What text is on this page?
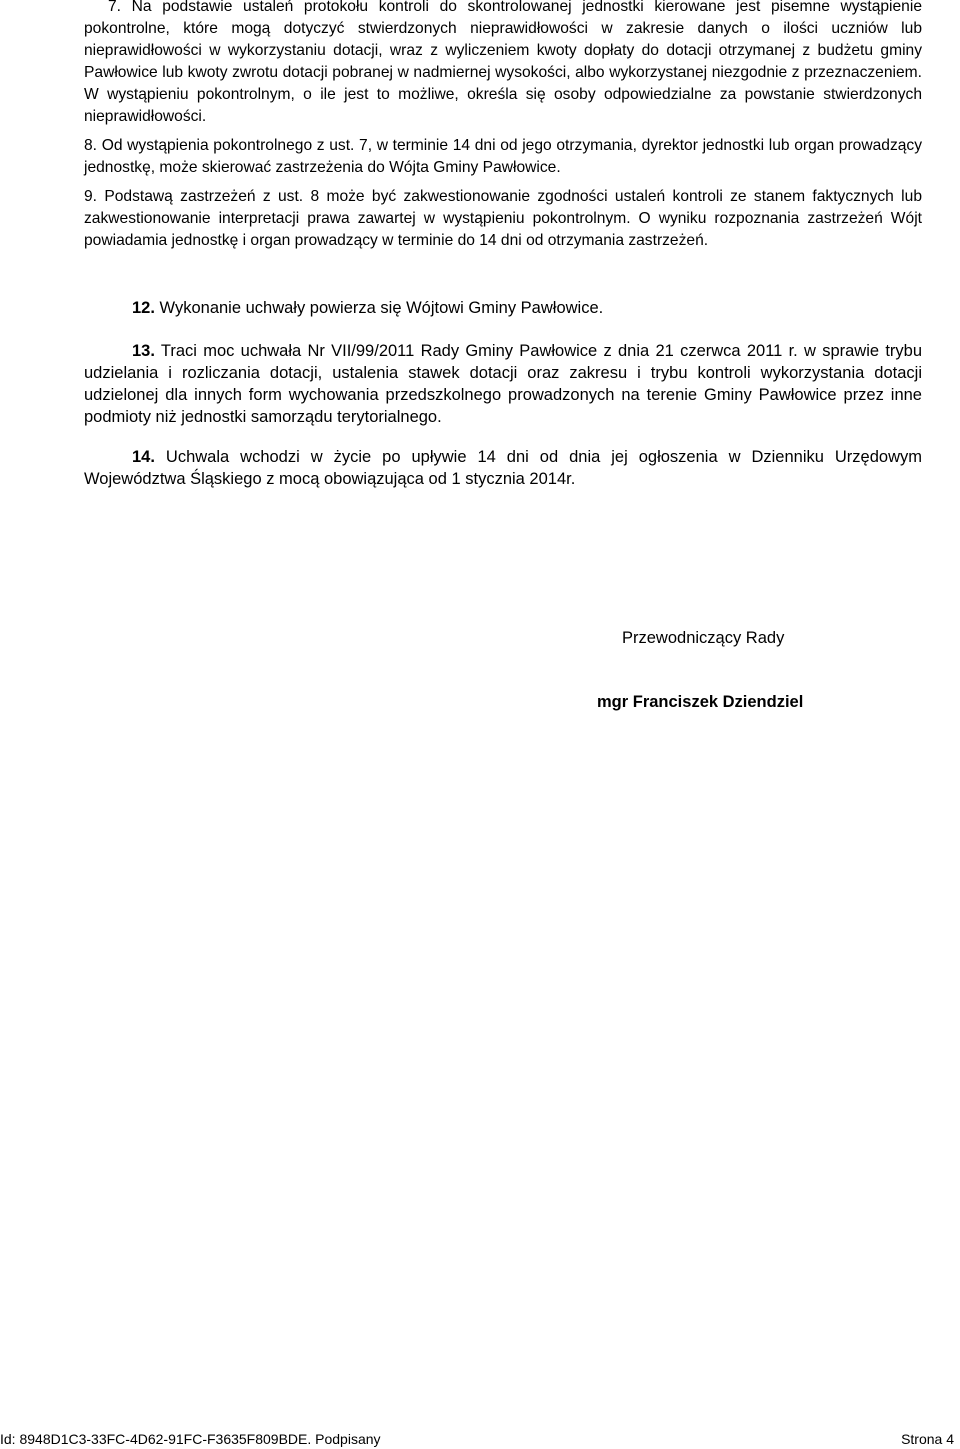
7. Na podstawie ustaleń protokołu kontroli do skontrolowanej jednostki kierowane jest pisemne wystąpienie pokontrolne, które mogą dotyczyć stwierdzonych nieprawidłowości w zakresie danych o ilości uczniów lub nieprawidłowości w wykorzystaniu dotacji, wraz z wyliczeniem kwoty dopłaty do dotacji otrzymanej z budżetu gminy Pawłowice lub kwoty zwrotu dotacji pobranej w nadmiernej wysokości, albo wykorzystanej niezgodnie z przeznaczeniem. W wystąpieniu pokontrolnym, o ile jest to możliwe, określa się osoby odpowiedzialne za powstanie stwierdzonych nieprawidłowości.

8. Od wystąpienia pokontrolnego z ust. 7, w terminie 14 dni od jego otrzymania, dyrektor jednostki lub organ prowadzący jednostkę, może skierować zastrzeżenia do Wójta Gminy Pawłowice.

9. Podstawą zastrzeżeń z ust. 8 może być zakwestionowanie zgodności ustaleń kontroli ze stanem faktycznych lub zakwestionowanie interpretacji prawa zawartej w wystąpieniu pokontrolnym. O wyniku rozpoznania zastrzeżeń Wójt powiadamia jednostkę i organ prowadzący w terminie do 14 dni od otrzymania zastrzeżeń.

12. Wykonanie uchwały powierza się Wójtowi Gminy Pawłowice.

13. Traci moc uchwała Nr VII/99/2011 Rady Gminy Pawłowice z dnia 21 czerwca 2011 r. w sprawie trybu udzielania i rozliczania dotacji, ustalenia stawek dotacji oraz zakresu i trybu kontroli wykorzystania dotacji udzielonej dla innych form wychowania przedszkolnego prowadzonych na terenie Gminy Pawłowice przez inne podmioty niż jednostki samorządu terytorialnego.

14. Uchwala wchodzi w życie po upływie 14 dni od dnia jej ogłoszenia w Dzienniku Urzędowym Województwa Śląskiego z mocą obowiązująca od 1 stycznia 2014r.

Przewodniczący Rady
mgr Franciszek Dziendziel
Id: 8948D1C3-33FC-4D62-91FC-F3635F809BDE. Podpisany	Strona 4
